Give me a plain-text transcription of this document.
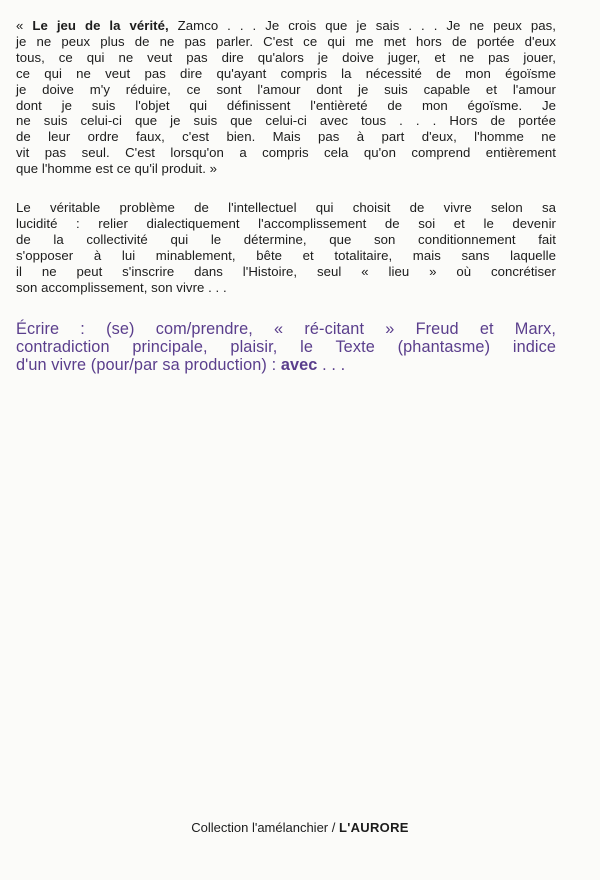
« Le jeu de la vérité, Zamco . . . Je crois que je sais . . . Je ne peux pas,
je ne peux plus de ne pas parler. C'est ce qui me met hors de portée d'eux
tous, ce qui ne veut pas dire qu'alors je doive juger, et ne pas jouer,
ce qui ne veut pas dire qu'ayant compris la nécessité de mon égoïsme
je doive m'y réduire, ce sont l'amour dont je suis capable et l'amour
dont je suis l'objet qui définissent l'entièreté de mon égoïsme. Je
ne suis celui-ci que je suis que celui-ci avec tous . . . Hors de portée
de leur ordre faux, c'est bien. Mais pas à part d'eux, l'homme ne
vit pas seul. C'est lorsqu'on a compris cela qu'on comprend entièrement
que l'homme est ce qu'il produit. »

Le véritable problème de l'intellectuel qui choisit de vivre selon sa
lucidité : relier dialectiquement l'accomplissement de soi et le devenir
de la collectivité qui le détermine, que son conditionnement fait
s'opposer à lui minablement, bête et totalitaire, mais sans laquelle
il ne peut s'inscrire dans l'Histoire, seul « lieu » où concrétiser
son accomplissement, son vivre . . .

Écrire : (se) com/prendre, « ré-citant » Freud et Marx,
contradiction principale, plaisir, le Texte (phantasme) indice
d'un vivre (pour/par sa production) : avec . . .

Collection l'amélanchier / L'AURORE
